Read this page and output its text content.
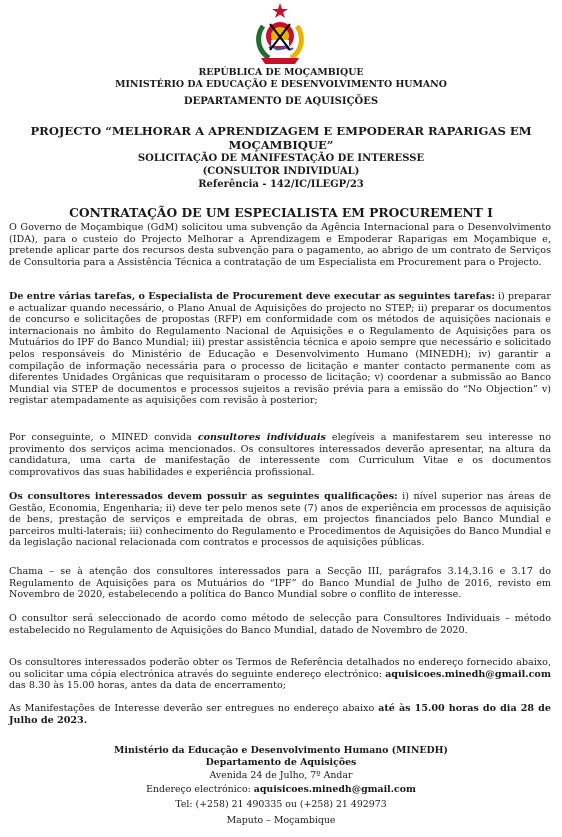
REPÚBLICA DE MOÇAMBIQUE
MINISTÉRIO DA EDUCAÇÃO E DESENVOLVIMENTO HUMANO
DEPARTAMENTO DE AQUISIÇÕES
PROJECTO “MELHORAR A APRENDIZAGEM E EMPODERAR RAPARIGAS EM MOÇAMBIQUE”
SOLICITAÇÃO DE MANIFESTAÇÃO DE INTERESSE
(CONSULTOR INDIVIDUAL)
Referência - 142/IC/ILEGP/23
CONTRATAÇÃO DE UM ESPECIALISTA EM PROCUREMENT I

O Governo de Moçambique (GdM) solicitou uma subvenção da Agência Internacional para o Desenvolvimento (IDA), para o custeio do Projecto Melhorar a Aprendizagem e Empoderar Raparigas em Moçambique e, pretende aplicar parte dos recursos desta subvenção para o pagamento, ao abrigo de um contrato de Serviços de Consultoria para a Assistência Técnica a contratação de um Especialista em Procurement para o Projecto.

De entre várias tarefas, o Especialista de Procurement deve executar as seguintes tarefas: i) preparar e actualizar quando necessário, o Plano Anual de Aquisições do projecto no STEP; ii) preparar os documentos de concurso e solicitações de propostas (RFP) em conformidade com os métodos de aquisições nacionais e internacionais no âmbito do Regulamento Nacional de Aquisições e o Regulamento de Aquisições para os Mutuários do IPF do Banco Mundial; iii) prestar assistência técnica e apoio sempre que necessário e solicitado pelos responsáveis do Ministério de Educação e Desenvolvimento Humano (MINEDH); iv) garantir a compilação de informação necessária para o processo de licitação e manter contacto permanente com as diferentes Unidades Orgânicas que requisitaram o processo de licitação; v) coordenar a submissão ao Banco Mundial via STEP de documentos e processos sujeitos a revisão prévia para a emissão do “No Objection” v) registar atempadamente as aquisições com revisão à posterior;

Por conseguinte, o MINED convida consultores individuais elegíveis a manifestarem seu interesse no provimento dos serviços acima mencionados. Os consultores interessados deverão apresentar, na altura da candidatura, uma carta de manifestação de interessente com Curriculum Vitae e os documentos comprovativos das suas habilidades e experiência profissional.

Os consultores interessados devem possuir as seguintes qualificações: i) nível superior nas áreas de Gestão, Economia, Engenharia; ii) deve ter pelo menos sete (7) anos de experiência em processos de aquisição de bens, prestação de serviços e empreitada de obras, em projectos financiados pelo Banco Mundial e parceiros multi-laterais; iii) conhecimento do Regulamento e Procedimentos de Aquisições do Banco Mundial e da legislação nacional relacionada com contratos e processos de aquisições públicas.

Chama – se à atenção dos consultores interessados para a Secção III, parágrafos 3.14,3.16 e 3.17 do Regulamento de Aquisições para os Mutuários do “IPF” do Banco Mundial de Julho de 2016, revisto em Novembro de 2020, estabelecendo a política do Banco Mundial sobre o conflito de interesse.

O consultor será seleccionado de acordo como método de selecção para Consultores Individuais – método estabelecido no Regulamento de Aquisições do Banco Mundial, datado de Novembro de 2020.

Os consultores interessados poderão obter os Termos de Referência detalhados no endereço fornecido abaixo, ou solicitar uma cópia electrónica através do seguinte endereço electrónico: aquisicoes.minedh@gmail.com das 8.30 às 15.00 horas, antes da data de encerramento;

As Manifestações de Interesse deverão ser entregues no endereço abaixo até às 15.00 horas do dia 28 de Julho de 2023.

Ministério da Educação e Desenvolvimento Humano (MINEDH)
Departamento de Aquisições
Avenida 24 de Julho, 7º Andar
Endereço electrónico: aquisicoes.minedh@gmail.com
Tel: (+258) 21 490335 ou (+258) 21 492973
Maputo – Moçambique
